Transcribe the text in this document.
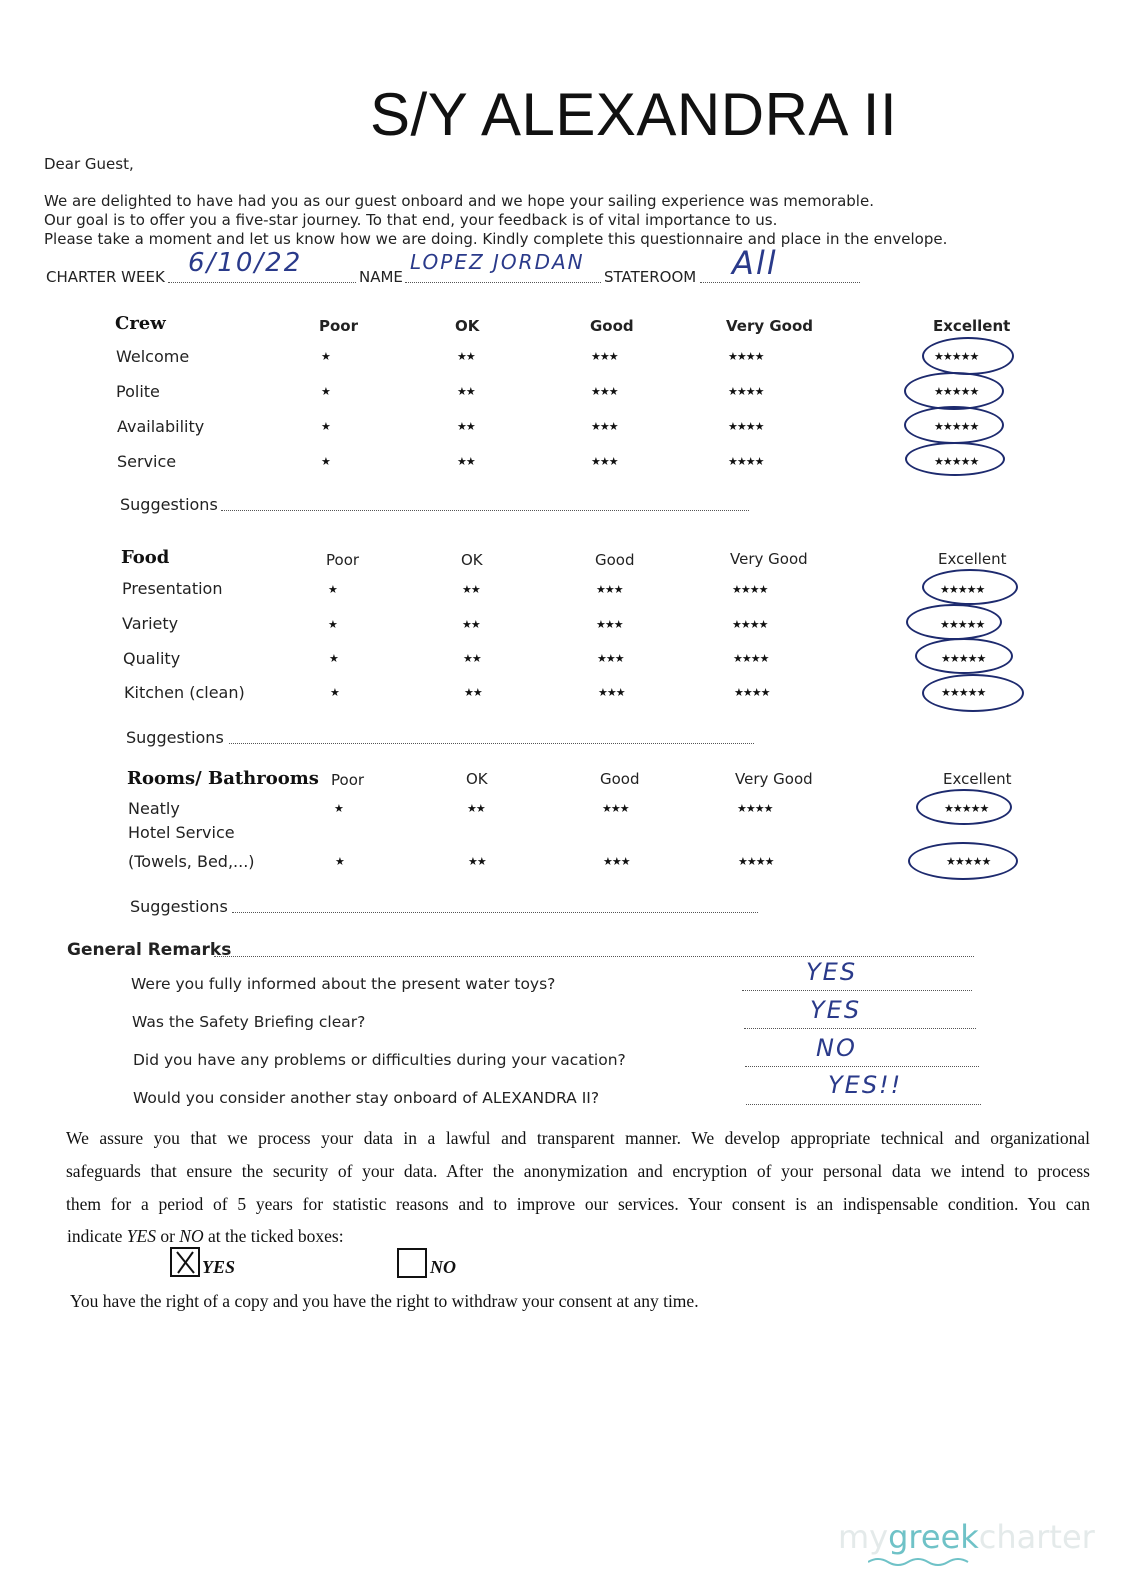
S/Y ALEXANDRA II
Dear Guest,
We are delighted to have had you as our guest onboard and we hope your sailing experience was memorable.
Our goal is to offer you a five-star journey. To that end, your feedback is of vital importance to us.
Please take a moment and let us know how we are doing. Kindly complete this questionnaire and place in the envelope.
CHARTER WEEK 6/10/22	NAME
LOPEZ JORDAN
STATEROOM All
Crew	Poor	OK	Good	Very Good	Excellent
Welcome	★	★★	★★★	★★★★	★★★★★
Polite	★	★★	★★★	★★★★	★★★★★
Availability	★	★★	★★★	★★★★	★★★★★
Service	★	★★	★★★	★★★★	★★★★★
Suggestions
Food	Poor	OK	Good	Very Good	Excellent
Presentation	★	★★	★★★	★★★★	★★★★★
Variety	★	★★	★★★	★★★★	★★★★★
Quality	★	★★	★★★	★★★★	★★★★★
Kitchen (clean)	★	★★	★★★	★★★★	★★★★★
Suggestions
Rooms/ Bathrooms Poor	OK	Good	Very Good	Excellent
Neatly	★	★★	★★★	★★★★	★★★★★
Hotel Service
(Towels, Bed,...)	★	★★	★★★	★★★★	★★★★★
Suggestions
General Remarks
Were you fully informed about the present water toys?	YES
Was the Safety Briefing clear?	YES
Did you have any problems or difficulties during your vacation?	NO
Would you consider another stay onboard of ALEXANDRA II?	YES!!
We assure you that we process your data in a lawful and transparent manner. We develop appropriate technical and organizational
safeguards that ensure the security of your data. After the anonymization and encryption of your personal data we intend to process
them for a period of 5 years for statistic reasons and to improve our services. Your consent is an indispensable condition. You can
indicate YES or NO at the ticked boxes:
YES	NO
You have the right of a copy and you have the right to withdraw your consent at any time.
mygreekcharter
